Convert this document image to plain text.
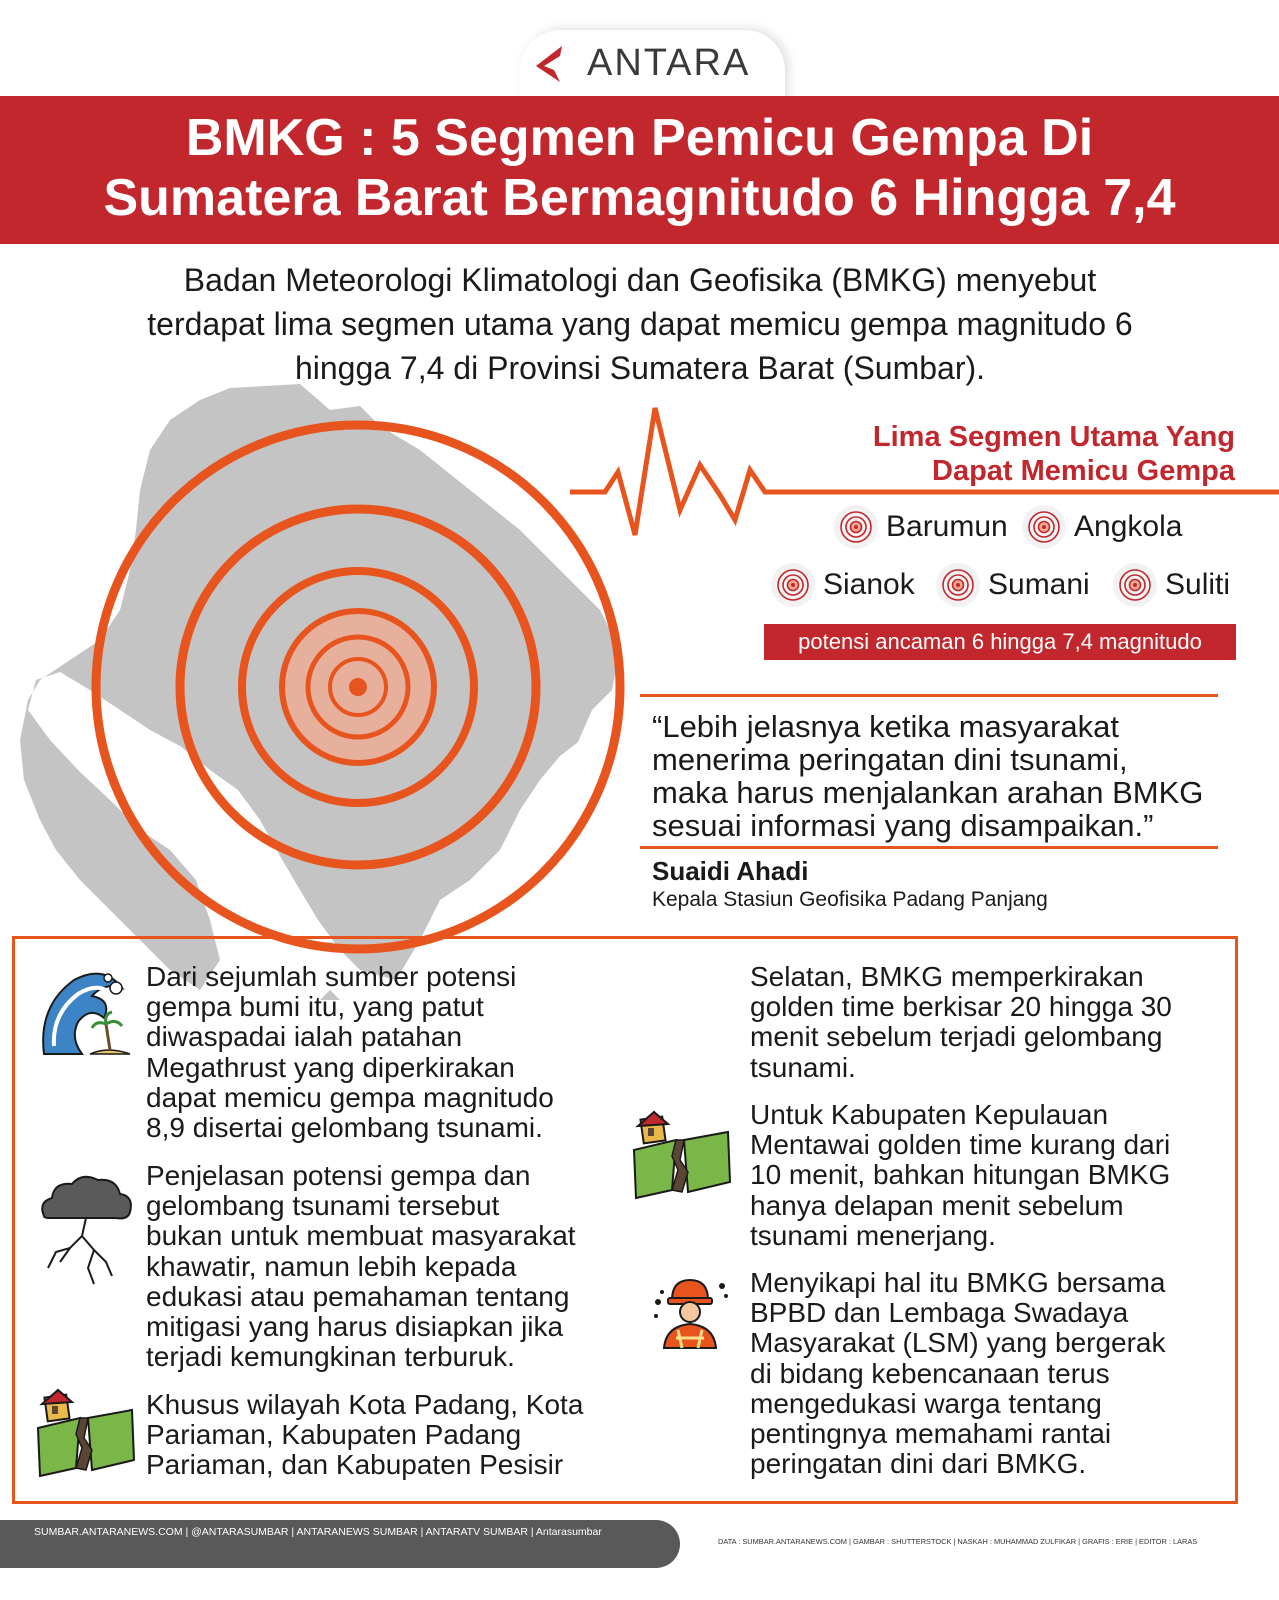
ANTARA
BMKG : 5 Segmen Pemicu Gempa Di
Sumatera Barat Bermagnitudo 6 Hingga 7,4
Badan Meteorologi Klimatologi dan Geofisika (BMKG) menyebut
terdapat lima segmen utama yang dapat memicu gempa magnitudo 6
hingga 7,4 di Provinsi Sumatera Barat (Sumbar).
Lima Segmen Utama Yang
Dapat Memicu Gempa
Barumun Angkola
Sianok Sumani	Suliti
potensi ancaman 6 hingga 7,4 magnitudo
“Lebih jelasnya ketika masyarakat
menerima peringatan dini tsunami,
maka harus menjalankan arahan BMKG
sesuai informasi yang disampaikan.”
Suaidi Ahadi
Kepala Stasiun Geofisika Padang Panjang
Dari sejumlah sumber potensi
gempa bumi itu, yang patut
diwaspadai ialah patahan
Megathrust yang diperkirakan
dapat memicu gempa magnitudo
8,9 disertai gelombang tsunami.
Penjelasan potensi gempa dan
gelombang tsunami tersebut
bukan untuk membuat masyarakat
khawatir, namun lebih kepada
edukasi atau pemahaman tentang
mitigasi yang harus disiapkan jika
terjadi kemungkinan terburuk.
Khusus wilayah Kota Padang, Kota
Pariaman, Kabupaten Padang
Pariaman, dan Kabupaten Pesisir
Selatan, BMKG memperkirakan
golden time berkisar 20 hingga 30
menit sebelum terjadi gelombang
tsunami.
Untuk Kabupaten Kepulauan
Mentawai golden time kurang dari
10 menit, bahkan hitungan BMKG
hanya delapan menit sebelum
tsunami menerjang.
Menyikapi hal itu BMKG bersama
BPBD dan Lembaga Swadaya
Masyarakat (LSM) yang bergerak
di bidang kebencanaan terus
mengedukasi warga tentang
pentingnya memahami rantai
peringatan dini dari BMKG.
SUMBAR.ANTARANEWS.COM | @ANTARASUMBAR | ANTARANEWS SUMBAR | ANTARATV SUMBAR | Antarasumbar
DATA : SUMBAR.ANTARANEWS.COM | GAMBAR : SHUTTERSTOCK | NASKAH : MUHAMMAD ZULFIKAR | GRAFIS : ERIE | EDITOR : LARAS
